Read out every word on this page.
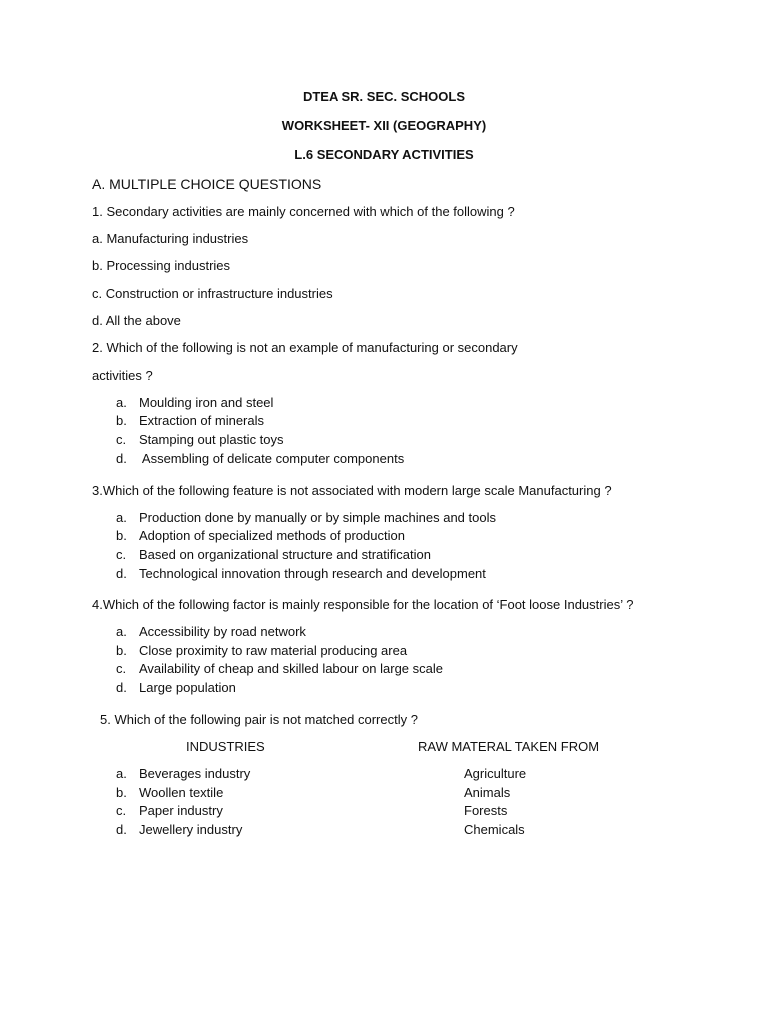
DTEA SR. SEC. SCHOOLS
WORKSHEET- XII (GEOGRAPHY)
L.6 SECONDARY ACTIVITIES
A. MULTIPLE CHOICE QUESTIONS
1. Secondary activities are mainly concerned with which of the following ?
a. Manufacturing industries
b. Processing industries
c. Construction or infrastructure industries
d. All the above
2. Which of the following is not an example of manufacturing or secondary
activities ?
a. Moulding iron and steel
b. Extraction of minerals
c. Stamping out plastic toys
d. Assembling of delicate computer components
3.Which of the following feature is not associated with modern large scale Manufacturing ?
a. Production done by manually or by simple machines and tools
b. Adoption of specialized methods of production
c. Based on organizational structure and stratification
d. Technological innovation through research and development
4.Which of the following factor is mainly responsible for the location of ‘Foot loose Industries’ ?
a. Accessibility by road network
b. Close proximity to raw material producing area
c. Availability of cheap and skilled labour on large scale
d. Large population
5. Which of the following pair is not matched correctly ?
INDUSTRIES	RAW MATERAL TAKEN FROM
a. Beverages industry	Agriculture
b. Woollen textile	Animals
c. Paper industry	Forests
d. Jewellery industry	Chemicals
